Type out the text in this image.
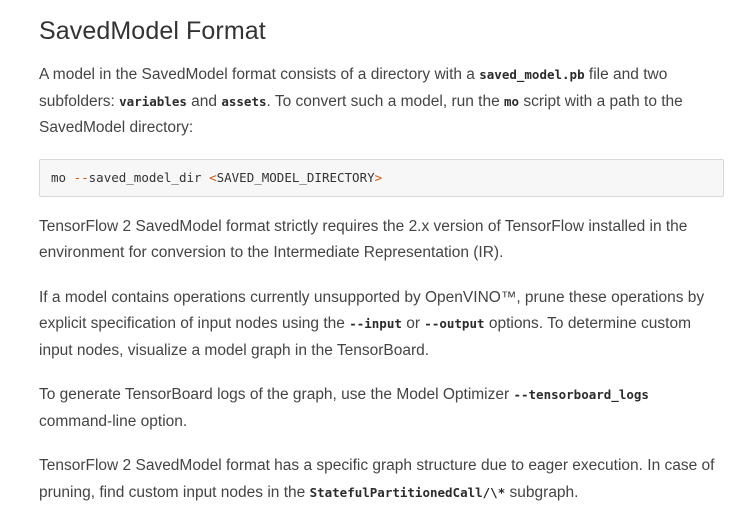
SavedModel Format

A model in the SavedModel format consists of a directory with a saved_model.pb file and two subfolders: variables and assets. To convert such a model, run the mo script with a path to the SavedModel directory:

mo -- saved_model_dir < SAVED_MODEL_DIRECTORY >

TensorFlow 2 SavedModel format strictly requires the 2.x version of TensorFlow installed in the environment for conversion to the Intermediate Representation (IR).

If a model contains operations currently unsupported by OpenVINO™, prune these operations by explicit specification of input nodes using the --input or --output options. To determine custom input nodes, visualize a model graph in the TensorBoard.

To generate TensorBoard logs of the graph, use the Model Optimizer --tensorboard_logs command-line option.

TensorFlow 2 SavedModel format has a specific graph structure due to eager execution. In case of pruning, find custom input nodes in the StatefulPartitionedCall/\* subgraph.
